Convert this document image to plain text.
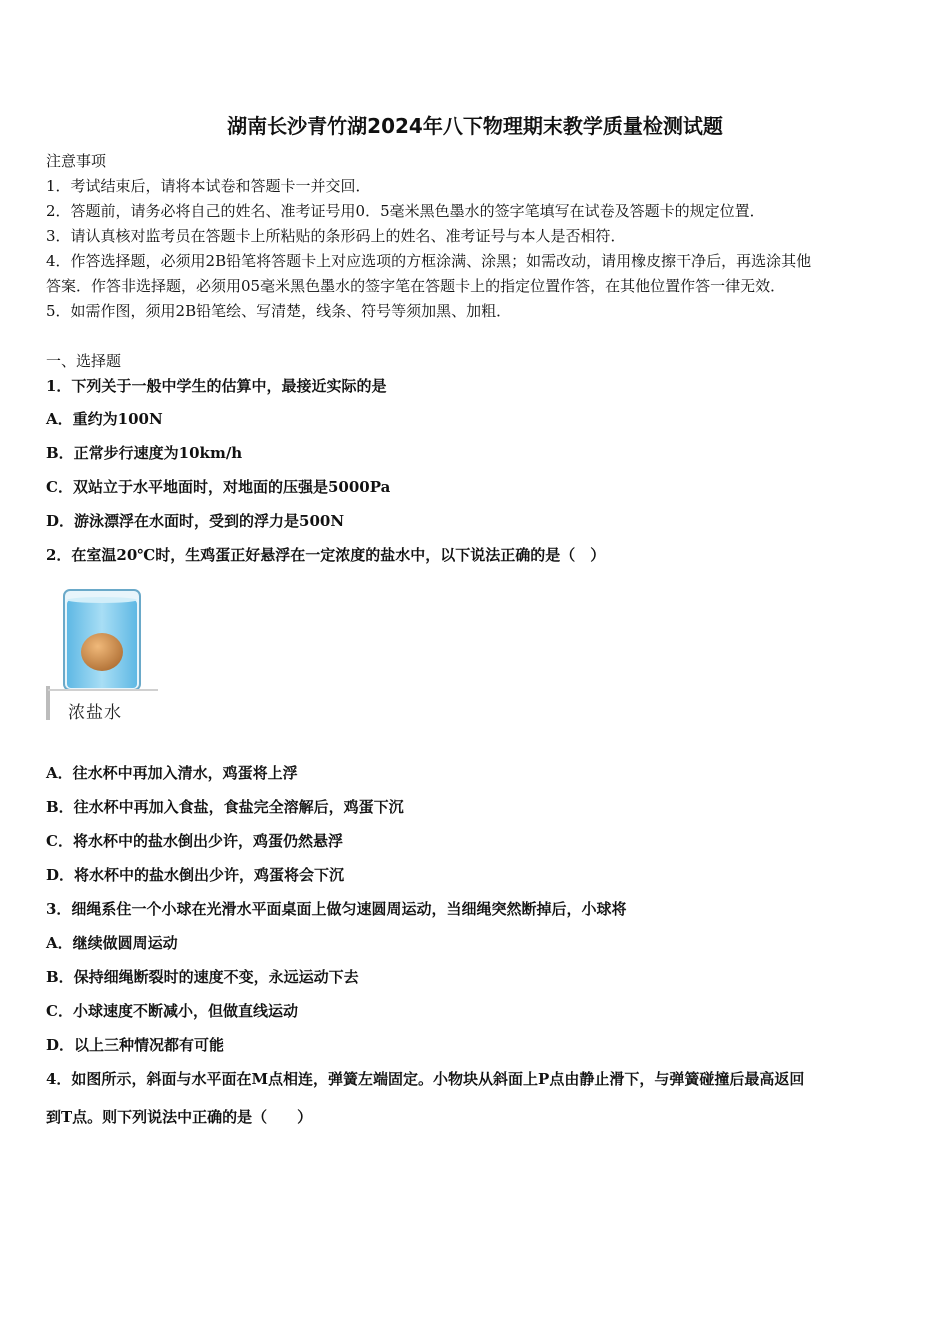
湖南长沙青竹湖2024年八下物理期末教学质量检测试题
注意事项
1．考试结束后，请将本试卷和答题卡一并交回．
2．答题前，请务必将自己的姓名、准考证号用0．5毫米黑色墨水的签字笔填写在试卷及答题卡的规定位置．
3．请认真核对监考员在答题卡上所粘贴的条形码上的姓名、准考证号与本人是否相符．
4．作答选择题，必须用2B铅笔将答题卡上对应选项的方框涂满、涂黑；如需改动，请用橡皮擦干净后，再选涂其他
答案．作答非选择题，必须用05毫米黑色墨水的签字笔在答题卡上的指定位置作答，在其他位置作答一律无效．
5．如需作图，须用2B铅笔绘、写清楚，线条、符号等须加黑、加粗．
一、选择题
1．下列关于一般中学生的估算中，最接近实际的是
A．重约为100N
B．正常步行速度为10km/h
C．双站立于水平地面时，对地面的压强是5000Pa
D．游泳漂浮在水面时，受到的浮力是500N
2．在室温20℃时，生鸡蛋正好悬浮在一定浓度的盐水中，以下说法正确的是（　）
浓盐水
A．往水杯中再加入清水，鸡蛋将上浮
B．往水杯中再加入食盐，食盐完全溶解后，鸡蛋下沉
C．将水杯中的盐水倒出少许，鸡蛋仍然悬浮
D．将水杯中的盐水倒出少许，鸡蛋将会下沉
3．细绳系住一个小球在光滑水平面桌面上做匀速圆周运动，当细绳突然断掉后，小球将
A．继续做圆周运动
B．保持细绳断裂时的速度不变，永远运动下去
C．小球速度不断减小，但做直线运动
D．以上三种情况都有可能
4．如图所示，斜面与水平面在M点相连，弹簧左端固定。小物块从斜面上P点由静止滑下，与弹簧碰撞后最高返回
到T点。则下列说法中正确的是（　　）
